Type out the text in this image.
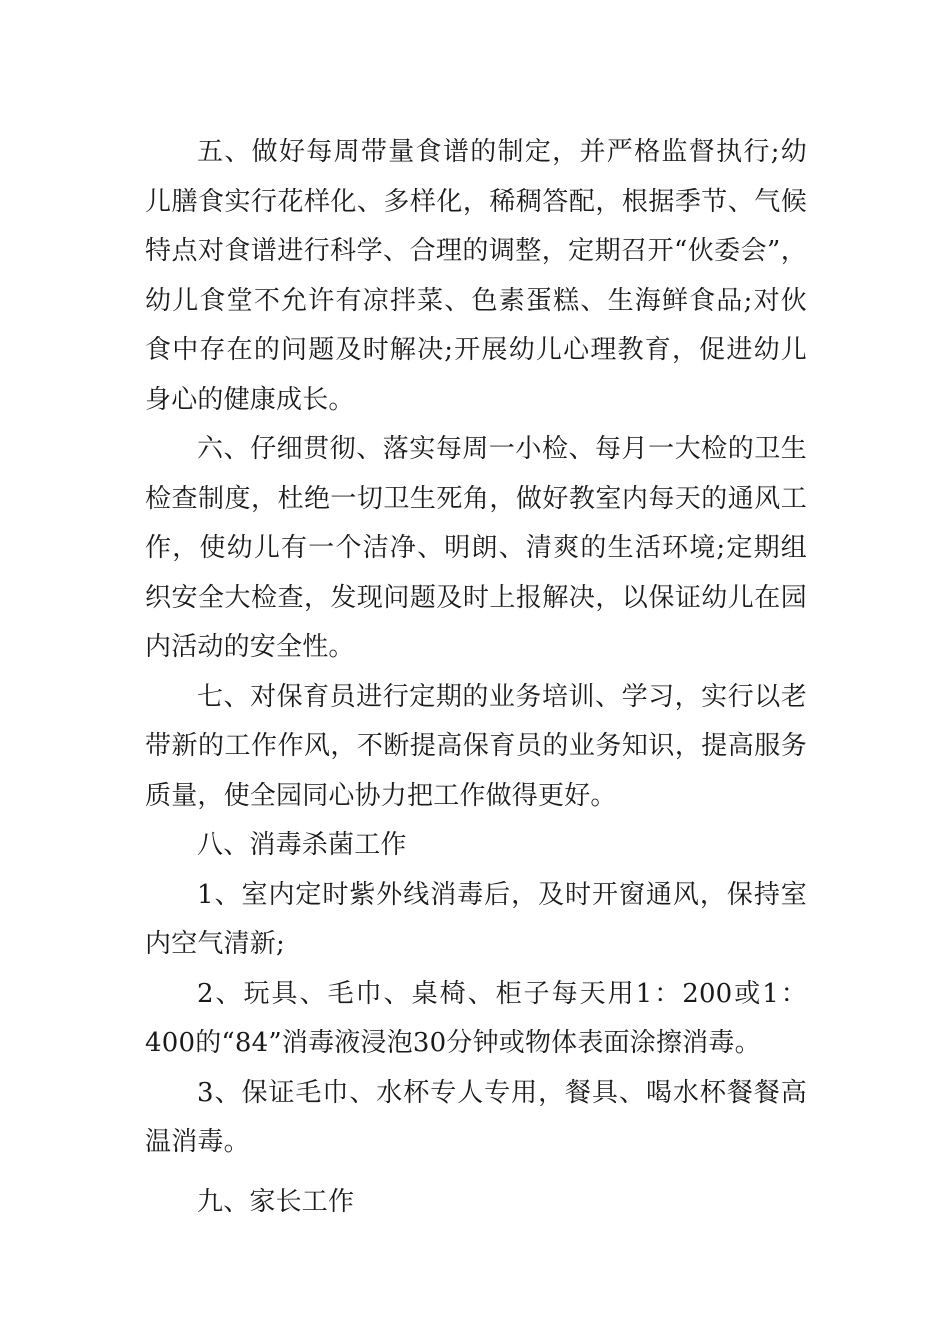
五、做好每周带量食谱的制定，并严格监督执行;幼儿膳食实行花样化、多样化，稀稠答配，根据季节、气候特点对食谱进行科学、合理的调整，定期召开“伙委会”，幼儿食堂不允许有凉拌菜、色素蛋糕、生海鲜食品;对伙食中存在的问题及时解决;开展幼儿心理教育，促进幼儿身心的健康成长。

六、仔细贯彻、落实每周一小检、每月一大检的卫生检查制度，杜绝一切卫生死角，做好教室内每天的通风工作，使幼儿有一个洁净、明朗、清爽的生活环境;定期组织安全大检查，发现问题及时上报解决，以保证幼儿在园内活动的安全性。

七、对保育员进行定期的业务培训、学习，实行以老带新的工作作风，不断提高保育员的业务知识，提高服务质量，使全园同心协力把工作做得更好。

八、消毒杀菌工作

1、室内定时紫外线消毒后，及时开窗通风，保持室内空气清新;

2、玩具、毛巾、桌椅、柜子每天用1：200或1：400的“84”消毒液浸泡30分钟或物体表面涂擦消毒。

3、保证毛巾、水杯专人专用，餐具、喝水杯餐餐高温消毒。

九、家长工作
